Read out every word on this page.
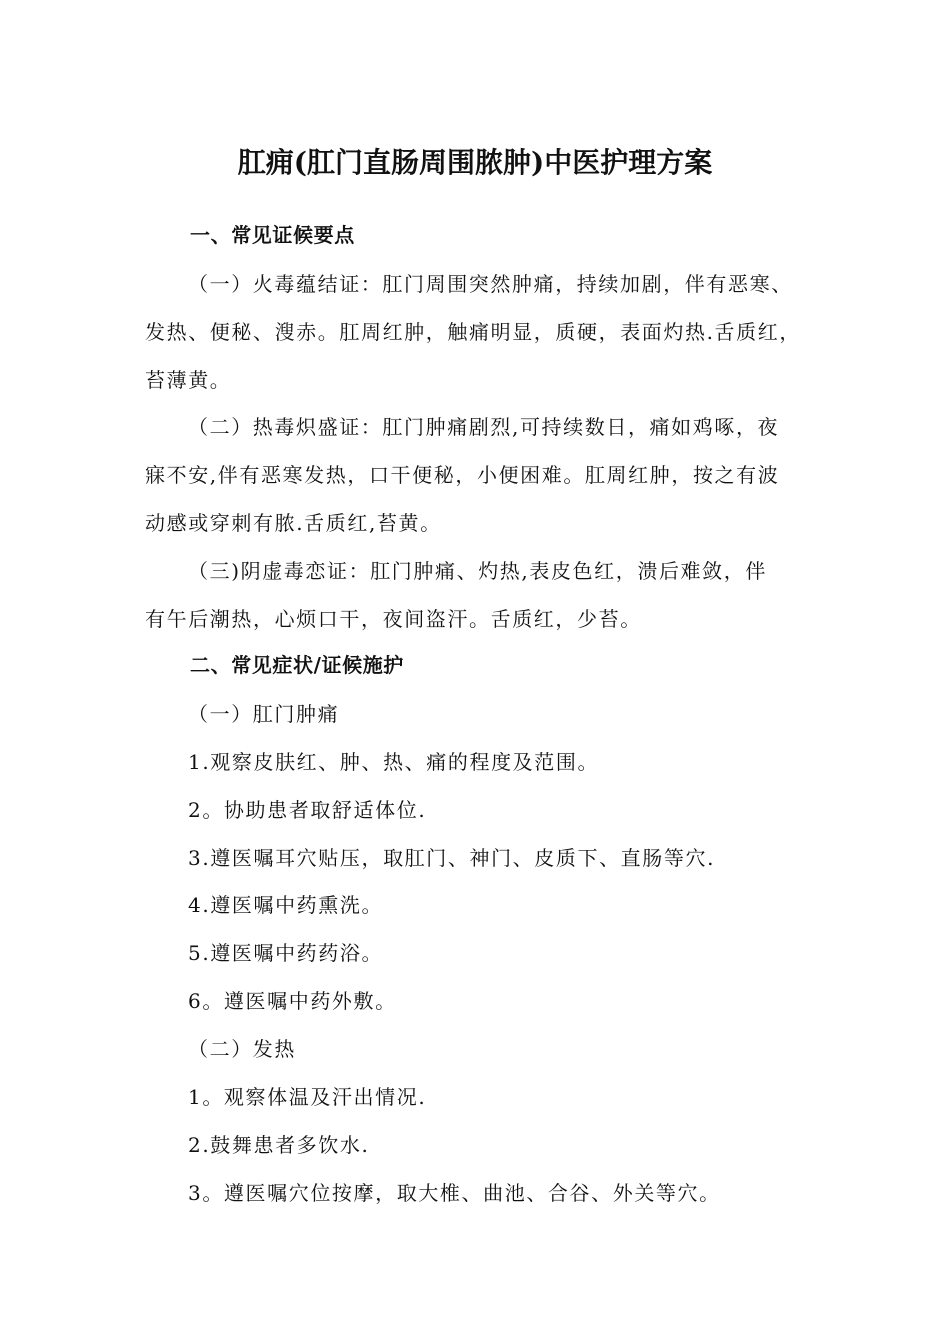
肛痈(肛门直肠周围脓肿)中医护理方案
一、常见证候要点

（一）火毒蕴结证：肛门周围突然肿痛，持续加剧，伴有恶寒、

发热、便秘、溲赤。肛周红肿，触痛明显，质硬，表面灼热.舌质红，

苔薄黄。

（二）热毒炽盛证：肛门肿痛剧烈,可持续数日，痛如鸡啄，夜

寐不安,伴有恶寒发热，口干便秘，小便困难。肛周红肿，按之有波

动感或穿刺有脓.舌质红,苔黄。

（三)阴虚毒恋证：肛门肿痛、灼热,表皮色红，溃后难敛，伴

有午后潮热，心烦口干，夜间盗汗。舌质红，少苔。

二、常见症状/证候施护

（一）肛门肿痛

1.观察皮肤红、肿、热、痛的程度及范围。

2。协助患者取舒适体位.

3.遵医嘱耳穴贴压，取肛门、神门、皮质下、直肠等穴.

4.遵医嘱中药熏洗。

5.遵医嘱中药药浴。

6。遵医嘱中药外敷。

（二）发热

1。观察体温及汗出情况.

2.鼓舞患者多饮水.

3。遵医嘱穴位按摩，取大椎、曲池、合谷、外关等穴。
